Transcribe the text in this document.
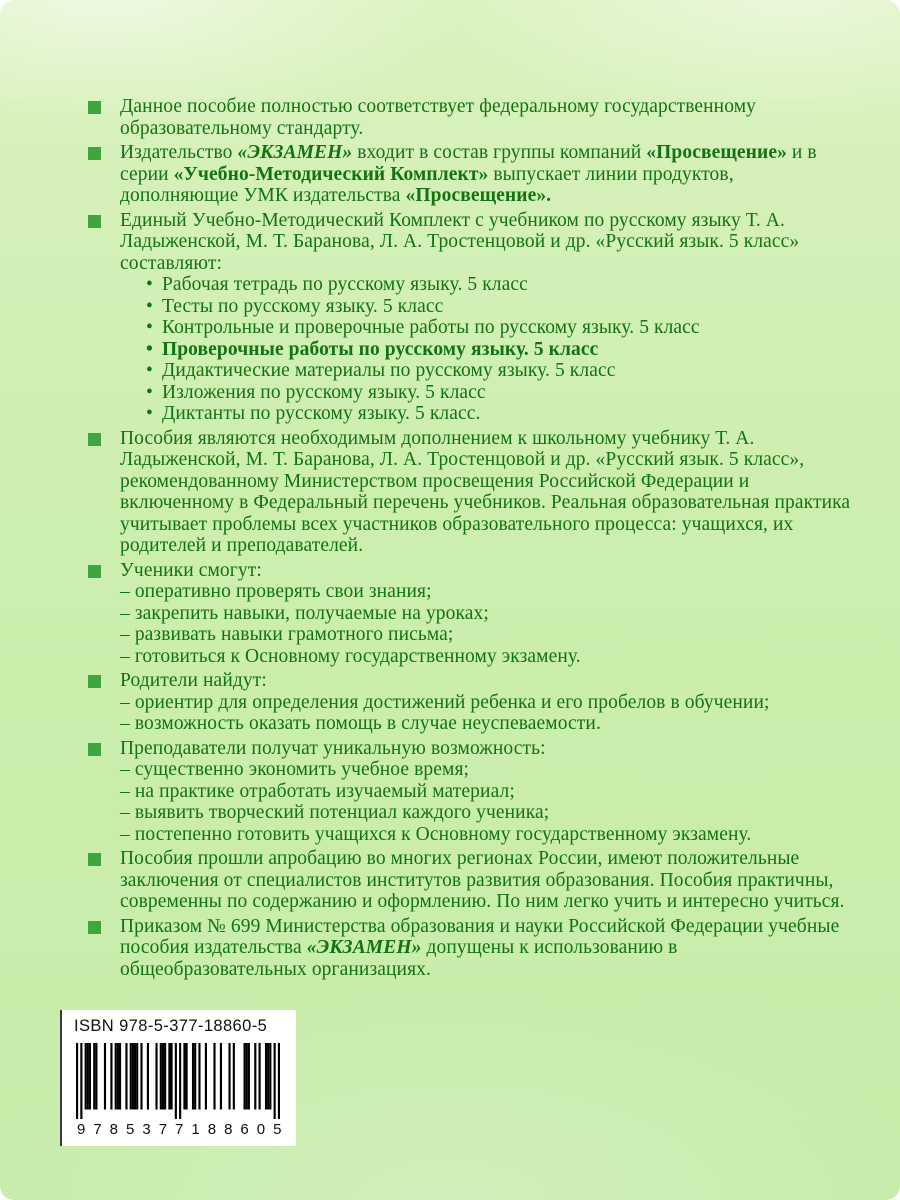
Данное пособие полностью соответствует федеральному государственному образовательному стандарту.
Издательство «ЭКЗАМЕН» входит в состав группы компаний «Просвещение» и в серии «Учебно-Методический Комплект» выпускает линии продуктов, дополняющие УМК издательства «Просвещение».
Единый Учебно-Методический Комплект с учебником по русскому языку Т. А. Ладыженской, М. Т. Баранова, Л. А. Тростенцовой и др. «Русский язык. 5 класс» составляют:
• Рабочая тетрадь по русскому языку. 5 класс
• Тесты по русскому языку. 5 класс
• Контрольные и проверочные работы по русскому языку. 5 класс
• Проверочные работы по русскому языку. 5 класс
• Дидактические материалы по русскому языку. 5 класс
• Изложения по русскому языку. 5 класс
• Диктанты по русскому языку. 5 класс.
Пособия являются необходимым дополнением к школьному учебнику Т. А. Ладыженской, М. Т. Баранова, Л. А. Тростенцовой и др. «Русский язык. 5 класс», рекомендованному Министерством просвещения Российской Федерации и включенному в Федеральный перечень учебников. Реальная образовательная практика учитывает проблемы всех участников образовательного процесса: учащихся, их родителей и преподавателей.
Ученики смогут:
– оперативно проверять свои знания;
– закрепить навыки, получаемые на уроках;
– развивать навыки грамотного письма;
– готовиться к Основному государственному экзамену.
Родители найдут:
– ориентир для определения достижений ребенка и его пробелов в обучении;
– возможность оказать помощь в случае неуспеваемости.
Преподаватели получат уникальную возможность:
– существенно экономить учебное время;
– на практике отработать изучаемый материал;
– выявить творческий потенциал каждого ученика;
– постепенно готовить учащихся к Основному государственному экзамену.
Пособия прошли апробацию во многих регионах России, имеют положительные заключения от специалистов институтов развития образования. Пособия практичны, современны по содержанию и оформлению. По ним легко учить и интересно учиться.
Приказом № 699 Министерства образования и науки Российской Федерации учебные пособия издательства «ЭКЗАМЕН» допущены к использованию в общеобразовательных организациях.
ISBN 978-5-377-18860-5
9785377188605
